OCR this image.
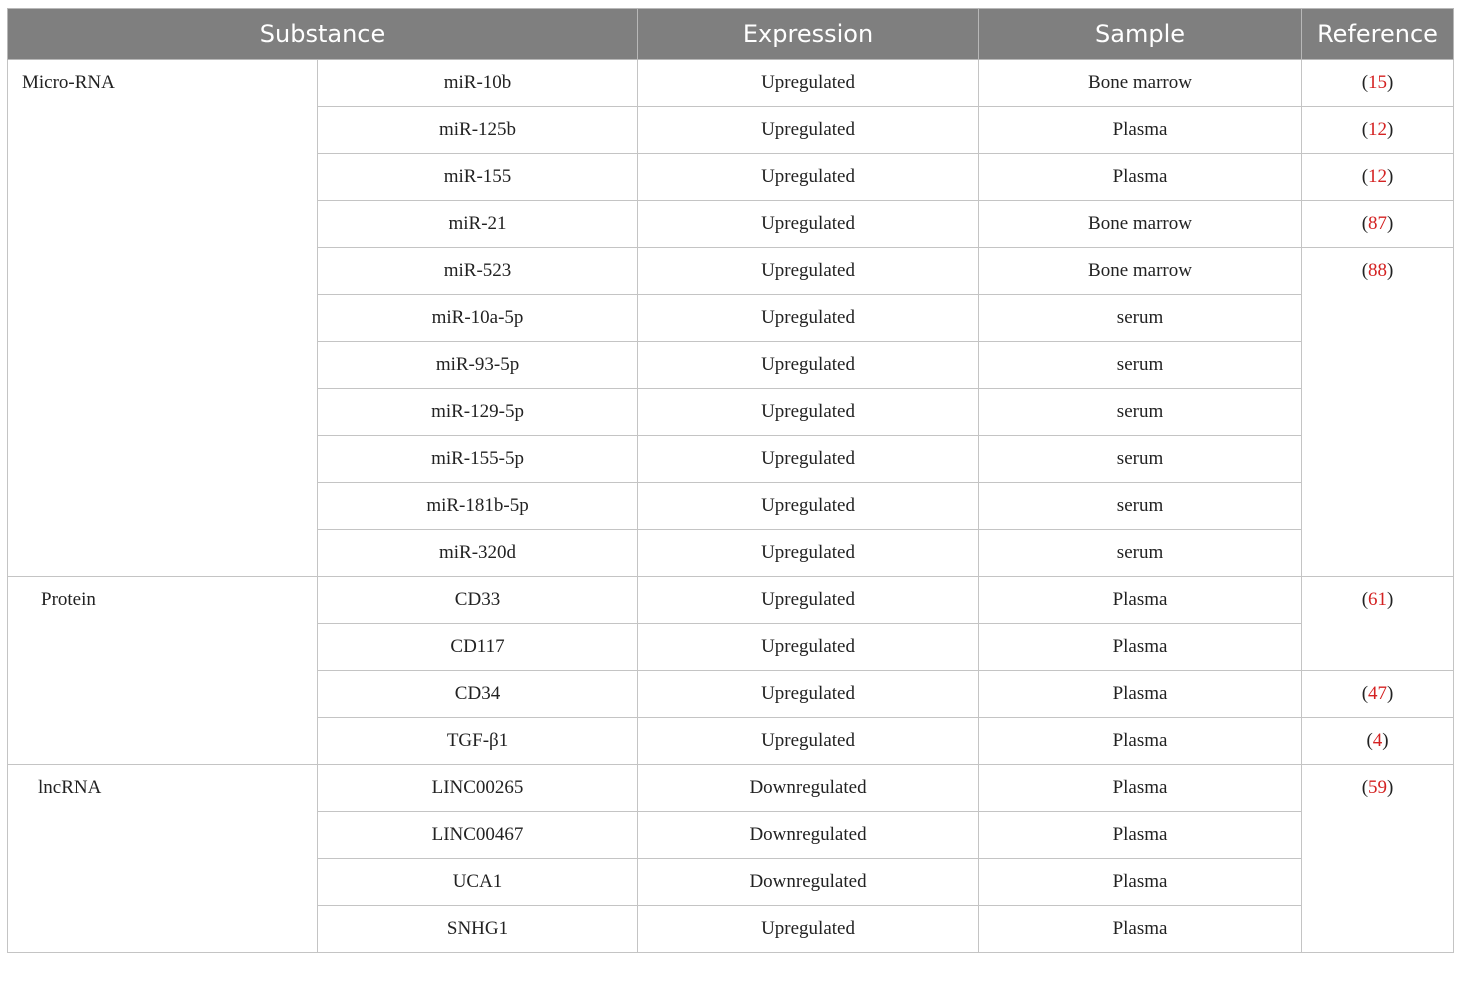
Substance		Expression	Sample	Reference
Micro-RNA	miR-10b	Upregulated	Bone marrow	(15)
	miR-125b	Upregulated	Plasma	(12)
	miR-155	Upregulated	Plasma	(12)
	miR-21	Upregulated	Bone marrow	(87)
	miR-523	Upregulated	Bone marrow	(88)
	miR-10a-5p	Upregulated	serum	
	miR-93-5p	Upregulated	serum	
	miR-129-5p	Upregulated	serum	
	miR-155-5p	Upregulated	serum	
	miR-181b-5p	Upregulated	serum	
	miR-320d	Upregulated	serum	
Protein	CD33	Upregulated	Plasma	(61)
	CD117	Upregulated	Plasma	
	CD34	Upregulated	Plasma	(47)
	TGF-β1	Upregulated	Plasma	(4)
lncRNA	LINC00265	Downregulated	Plasma	(59)
	LINC00467	Downregulated	Plasma	
	UCA1	Downregulated	Plasma	
	SNHG1	Upregulated	Plasma	
